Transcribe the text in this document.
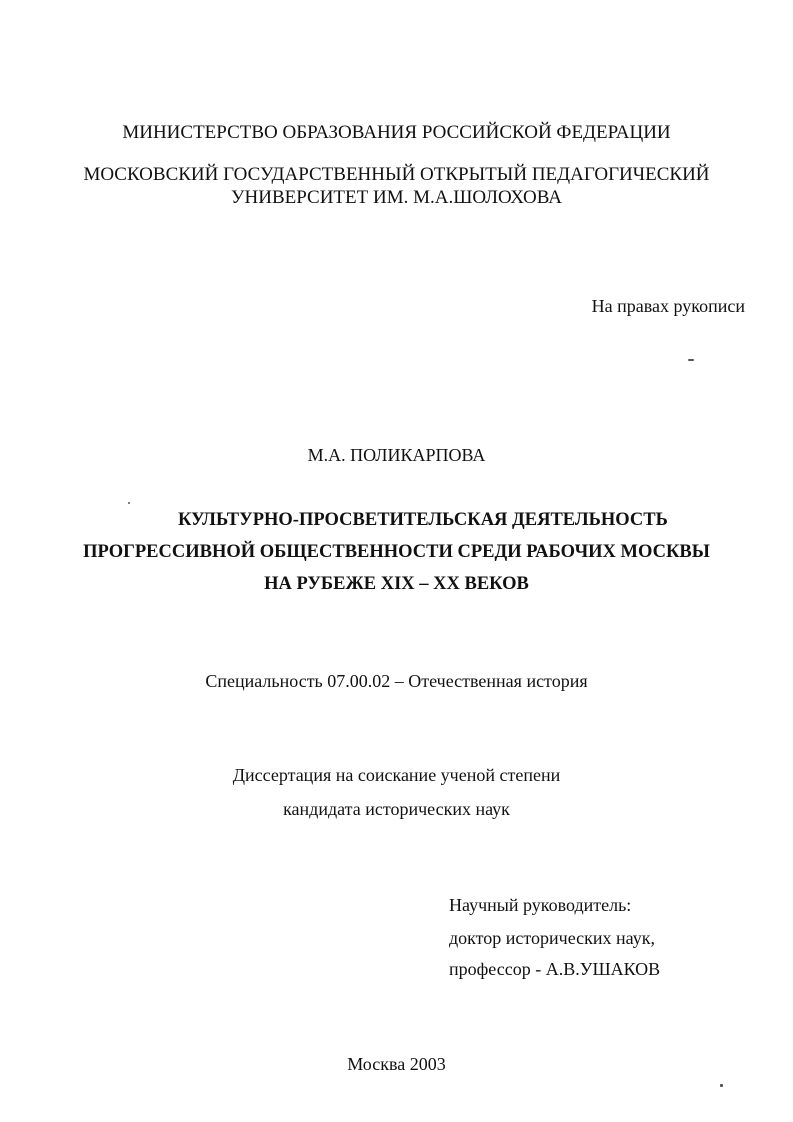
МИНИСТЕРСТВО ОБРАЗОВАНИЯ РОССИЙСКОЙ ФЕДЕРАЦИИ
МОСКОВСКИЙ ГОСУДАРСТВЕННЫЙ ОТКРЫТЫЙ ПЕДАГОГИЧЕСКИЙ
УНИВЕРСИТЕТ ИМ. М.А.ШОЛОХОВА
На правах рукописи
М.А. ПОЛИКАРПОВА
КУЛЬТУРНО-ПРОСВЕТИТЕЛЬСКАЯ ДЕЯТЕЛЬНОСТЬ
ПРОГРЕССИВНОЙ ОБЩЕСТВЕННОСТИ СРЕДИ РАБОЧИХ МОСКВЫ
НА РУБЕЖЕ XIX – XX ВЕКОВ
Специальность 07.00.02 – Отечественная история
Диссертация на соискание ученой степени
кандидата исторических наук
Научный руководитель:
доктор исторических наук,
профессор - А.В.УШАКОВ
Москва 2003
